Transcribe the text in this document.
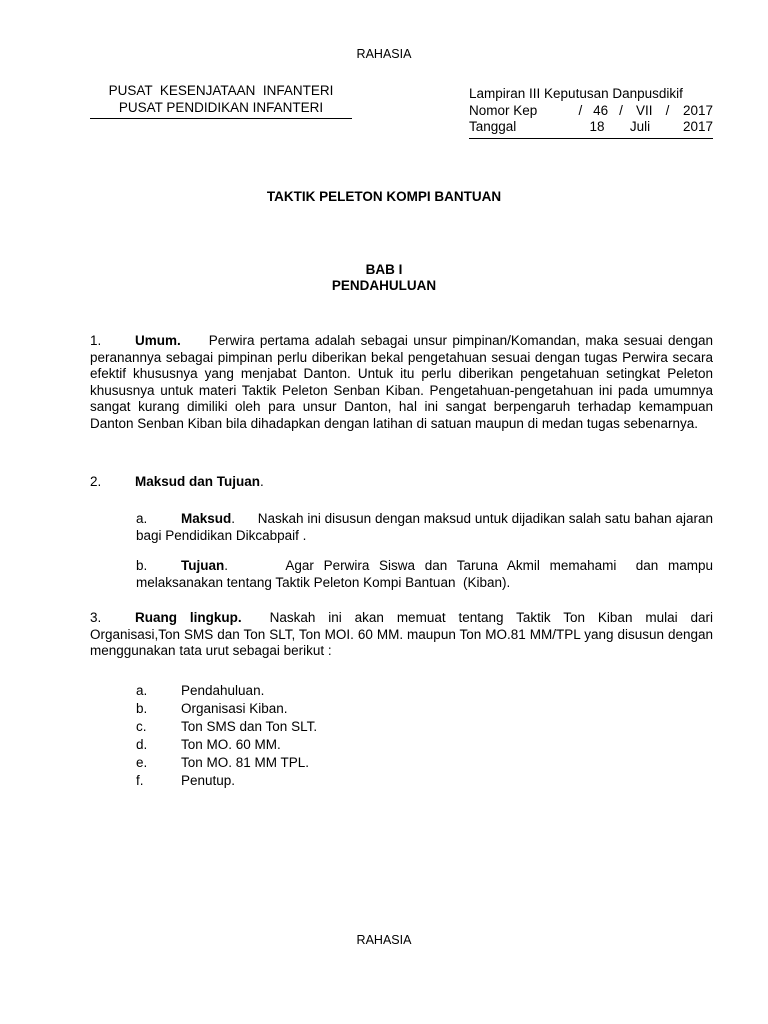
RAHASIA
PUSAT  KESENJATAAN  INFANTERI
PUSAT PENDIDIKAN INFANTERI
Lampiran III Keputusan Danpusdikif
Nomor Kep	/ 46 / VII /	2017
Tanggal	18	Juli	2017
TAKTIK PELETON KOMPI BANTUAN
BAB I
PENDAHULUAN
1. Umum. Perwira pertama adalah sebagai unsur pimpinan/Komandan, maka sesuai dengan peranannya sebagai pimpinan perlu diberikan bekal pengetahuan sesuai dengan tugas Perwira secara efektif khususnya yang menjabat Danton. Untuk itu perlu diberikan pengetahuan setingkat Peleton khususnya untuk materi Taktik Peleton Senban Kiban. Pengetahuan-pengetahuan ini pada umumnya sangat kurang dimiliki oleh para unsur Danton, hal ini sangat berpengaruh terhadap kemampuan Danton Senban Kiban bila dihadapkan dengan latihan di satuan maupun di medan tugas sebenarnya.
2. Maksud dan Tujuan.
a. Maksud.      Naskah ini disusun dengan maksud untuk dijadikan salah satu bahan ajaran bagi Pendidikan Dikcabpaif .
b. Tujuan.      Agar Perwira Siswa dan Taruna Akmil memahami  dan mampu melaksanakan tentang Taktik Peleton Kompi Bantuan  (Kiban).
3. Ruang lingkup. Naskah ini akan memuat tentang Taktik Ton Kiban mulai dari Organisasi,Ton SMS dan Ton SLT, Ton MOI. 60 MM. maupun Ton MO.81 MM/TPL yang disusun dengan menggunakan tata urut sebagai berikut :
a.	Pendahuluan.
b.	Organisasi Kiban.
c.	Ton SMS dan Ton SLT.
d.	Ton MO. 60 MM.
e.	Ton MO. 81 MM TPL.
f.	Penutup.
RAHASIA
